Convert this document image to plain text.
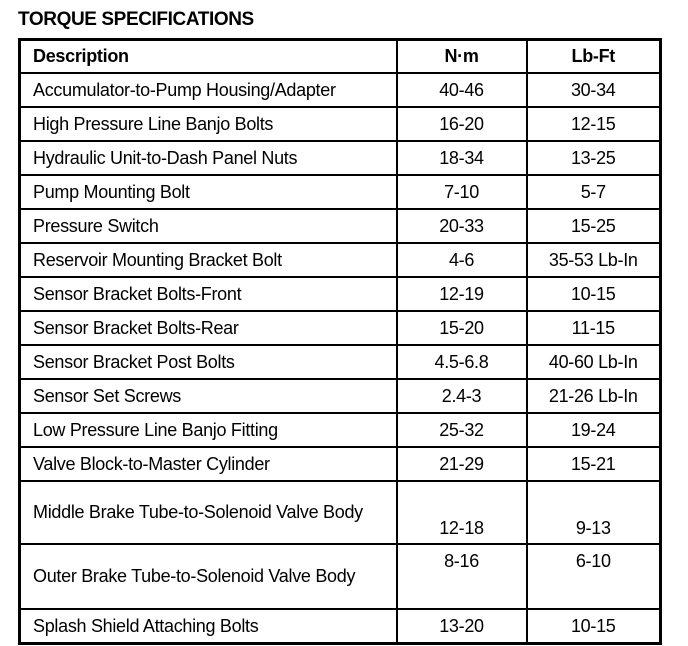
TORQUE SPECIFICATIONS
Description	N·m	Lb-Ft
Accumulator-to-Pump Housing/Adapter	40-46	30-34
High Pressure Line Banjo Bolts	16-20	12-15
Hydraulic Unit-to-Dash Panel Nuts	18-34	13-25
Pump Mounting Bolt	7-10	5-7
Pressure Switch	20-33	15-25
Reservoir Mounting Bracket Bolt	4-6	35-53 Lb-In
Sensor Bracket Bolts-Front	12-19	10-15
Sensor Bracket Bolts-Rear	15-20	11-15
Sensor Bracket Post Bolts	4.5-6.8	40-60 Lb-In
Sensor Set Screws	2.4-3	21-26 Lb-In
Low Pressure Line Banjo Fitting	25-32	19-24
Valve Block-to-Master Cylinder	21-29	15-21
Middle Brake Tube-to-Solenoid Valve Body	12-18	9-13
Outer Brake Tube-to-Solenoid Valve Body	8-16	6-10
Splash Shield Attaching Bolts	13-20	10-15
